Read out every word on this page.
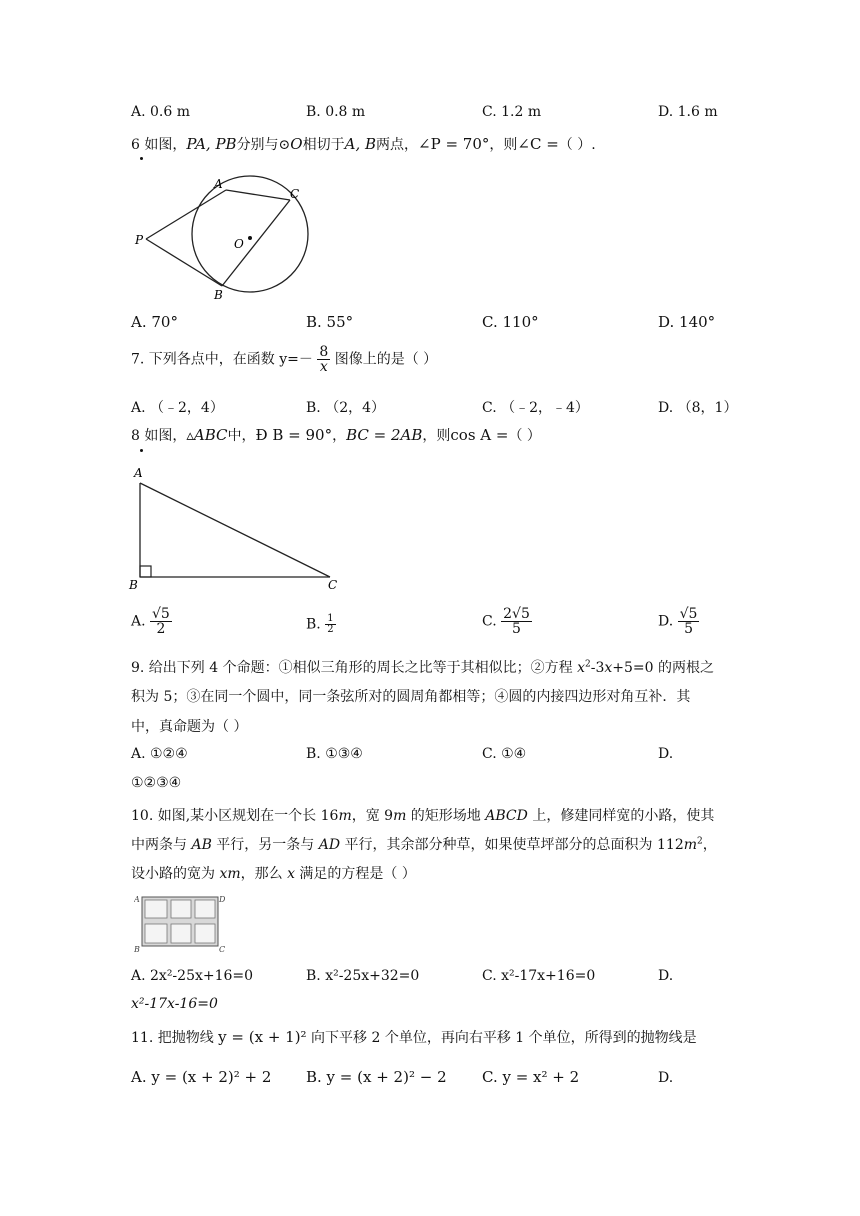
A. 0.6 m	B. 0.8 m	C. 1.2 m	D. 1.6 m
6 如图，PA, PB分别与⊙O相切于A, B两点，∠P = 70°，则∠C =（ ）.
A
C
O
P
B
A. 70°	B. 55°	C. 110°	D. 140°
7. 下列各点中，在函数 $y=- \frac{8}{x}$ 图像上的是（ ）
A. （﹣2，4）	B. （2，4）	C. （﹣2，﹣4）	D. （8，1）
8 如图，▵ABC中，Ð B = 90°，BC = 2AB，则cos A =（ ）
A
B	C
A. $\frac{√5}{2}$	B. $\frac{1}{2}$	C. $\frac{2√5}{5}$	D. $\frac{√5}{5}$
9. 给出下列 4 个命题：①相似三角形的周长之比等于其相似比；②方程 $x^2-3x+5=0$ 的两根之
积为 5；③在同一个圆中，同一条弦所对的圆周角都相等；④圆的内接四边形对角互补．其
中，真命题为（ ）
A. ①②④	B. ①③④	C. ①④	D.
①②③④
10. 如图,某小区规划在一个长 16m，宽 9m 的矩形场地 ABCD 上，修建同样宽的小路，使其
中两条与 AB 平行，另一条与 AD 平行，其余部分种草，如果使草坪部分的总面积为 $112m^2$，
设小路的宽为 xm，那么 x 满足的方程是（ ）
A	D
B	C
A. 2x²-25x+16=0	B. x²-25x+32=0	C. x²-17x+16=0	D.
x²-17x-16=0
11. 把抛物线 y = (x + 1)² 向下平移 2 个单位，再向右平移 1 个单位，所得到的抛物线是
A. y = (x + 2)² + 2 B. y = (x + 2)² − 2 C. y = x² + 2	D.
